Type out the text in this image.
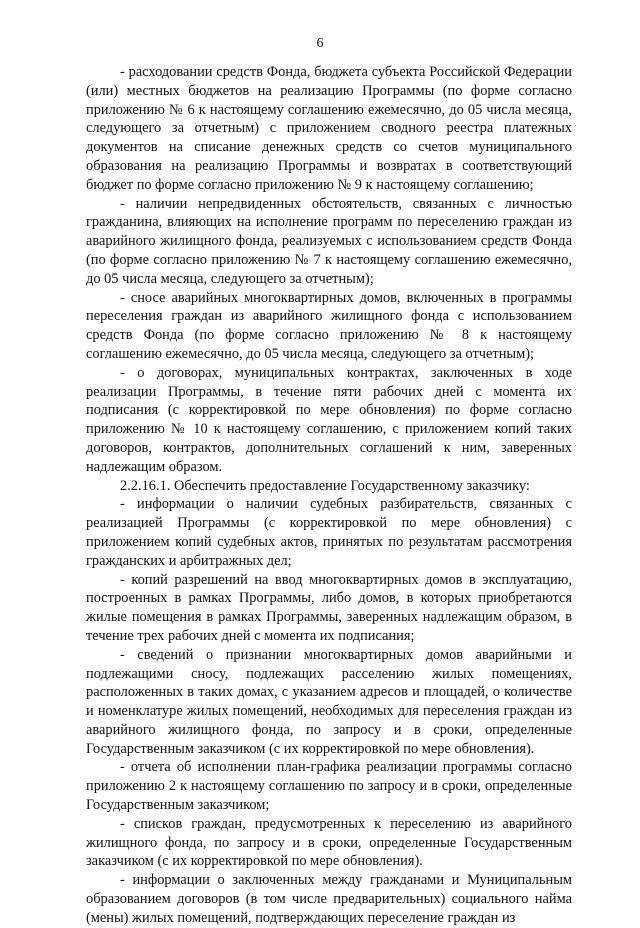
6

- расходовании средств Фонда, бюджета субъекта Российской Федерации (или) местных бюджетов на реализацию Программы (по форме согласно приложению № 6 к настоящему соглашению ежемесячно, до 05 числа месяца, следующего за отчетным) с приложением сводного реестра платежных документов на списание денежных средств со счетов муниципального образования на реализацию Программы и возвратах в соответствующий бюджет по форме согласно приложению № 9 к настоящему соглашению;

- наличии непредвиденных обстоятельств, связанных с личностью гражданина, влияющих на исполнение программ по переселению граждан из аварийного жилищного фонда, реализуемых с использованием средств Фонда (по форме согласно приложению № 7 к настоящему соглашению ежемесячно, до 05 числа месяца, следующего за отчетным);

- сносе аварийных многоквартирных домов, включенных в программы переселения граждан из аварийного жилищного фонда с использованием средств Фонда (по форме согласно приложению № 8 к настоящему соглашению ежемесячно, до 05 числа месяца, следующего за отчетным);

- о договорах, муниципальных контрактах, заключенных в ходе реализации Программы, в течение пяти рабочих дней с момента их подписания (с корректировкой по мере обновления) по форме согласно приложению № 10 к настоящему соглашению, с приложением копий таких договоров, контрактов, дополнительных соглашений к ним, заверенных надлежащим образом.

2.2.16.1. Обеспечить предоставление Государственному заказчику:

- информации о наличии судебных разбирательств, связанных с реализацией Программы (с корректировкой по мере обновления) с приложением копий судебных актов, принятых по результатам рассмотрения гражданских и арбитражных дел;

- копий разрешений на ввод многоквартирных домов в эксплуатацию, построенных в рамках Программы, либо домов, в которых приобретаются жилые помещения в рамках Программы, заверенных надлежащим образом, в течение трех рабочих дней с момента их подписания;

- сведений о признании многоквартирных домов аварийными и подлежащими сносу, подлежащих расселению жилых помещениях, расположенных в таких домах, с указанием адресов и площадей, о количестве и номенклатуре жилых помещений, необходимых для переселения граждан из аварийного жилищного фонда, по запросу и в сроки, определенные Государственным заказчиком (с их корректировкой по мере обновления).

- отчета об исполнении план-графика реализации программы согласно приложению 2 к настоящему соглашению по запросу и в сроки, определенные Государственным заказчиком;

- списков граждан, предусмотренных к переселению из аварийного жилищного фонда, по запросу и в сроки, определенные Государственным заказчиком (с их корректировкой по мере обновления).

- информации о заключенных между гражданами и Муниципальным образованием договоров (в том числе предварительных) социального найма (мены) жилых помещений, подтверждающих переселение граждан из
